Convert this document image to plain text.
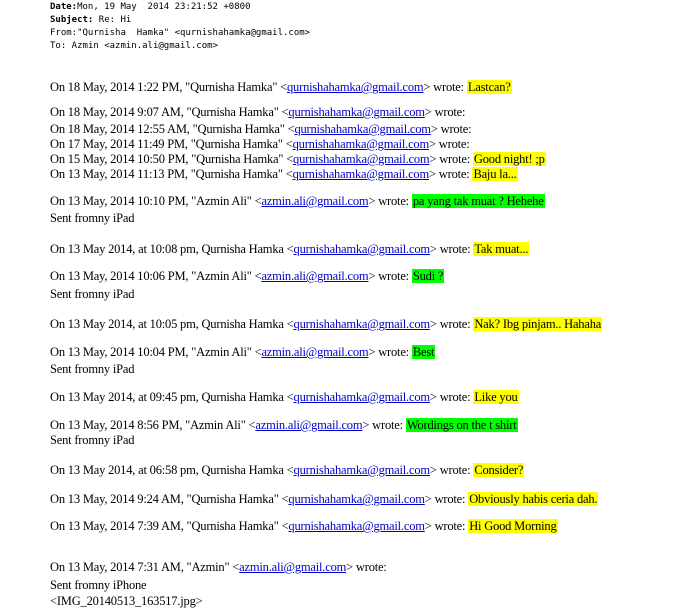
Date:Mon, 19 May  2014 23:21:52 +0800
Subject: Re: Hi
From:"Qurnisha  Hamka" <qurnishahamka@gmail.com>
To: Azmin <azmin.ali@gmail.com>
On 18 May, 2014 1:22 PM, "Qurnisha Hamka" <qurnishahamka@gmail.com> wrote: Lastcan?
On 18 May, 2014 9:07 AM, "Qurnisha Hamka" <qurnishahamka@gmail.com> wrote:
On 18 May, 2014 12:55 AM, "Qurnisha Hamka" <qurnishahamka@gmail.com> wrote:
On 17 May, 2014 11:49 PM, "Qurnisha Hamka" <qurnishahamka@gmail.com> wrote:
On 15 May, 2014 10:50 PM, "Qurnisha Hamka" <qurnishahamka@gmail.com> wrote: Good night! ;p
On 13 May, 2014 11:13 PM, "Qurnisha Hamka" <qurnishahamka@gmail.com> wrote: Baju la...
On 13 May, 2014 10:10 PM, "Azmin Ali" <azmin.ali@gmail.com> wrote: pa yang tak muat ? Hehehe
Sent fromny iPad
On 13 May 2014, at 10:08 pm, Qurnisha Hamka <qurnishahamka@gmail.com> wrote: Tak muat...
On 13 May, 2014 10:06 PM, "Azmin Ali" <azmin.ali@gmail.com> wrote: Sudi ?
Sent fromny iPad
On 13 May 2014, at 10:05 pm, Qurnisha Hamka <qurnishahamka@gmail.com> wrote: Nak? Ibg pinjam.. Hahaha
On 13 May, 2014 10:04 PM, "Azmin Ali" <azmin.ali@gmail.com> wrote: Best
Sent fromny iPad
On 13 May 2014, at 09:45 pm, Qurnisha Hamka <qurnishahamka@gmail.com> wrote: Like you
On 13 May, 2014 8:56 PM, "Azmin Ali" <azmin.ali@gmail.com> wrote: Wordings on the t shirt
Sent fromny iPad
On 13 May 2014, at 06:58 pm, Qurnisha Hamka <qurnishahamka@gmail.com> wrote: Consider?
On 13 May, 2014 9:24 AM, "Qurnisha Hamka" <qurnishahamka@gmail.com> wrote: Obviously habis ceria dah.
On 13 May, 2014 7:39 AM, "Qurnisha Hamka" <qurnishahamka@gmail.com> wrote: Hi Good Morning
On 13 May, 2014 7:31 AM, "Azmin" <azmin.ali@gmail.com> wrote:
Sent fromny iPhone
<IMG_20140513_163517.jpg>
